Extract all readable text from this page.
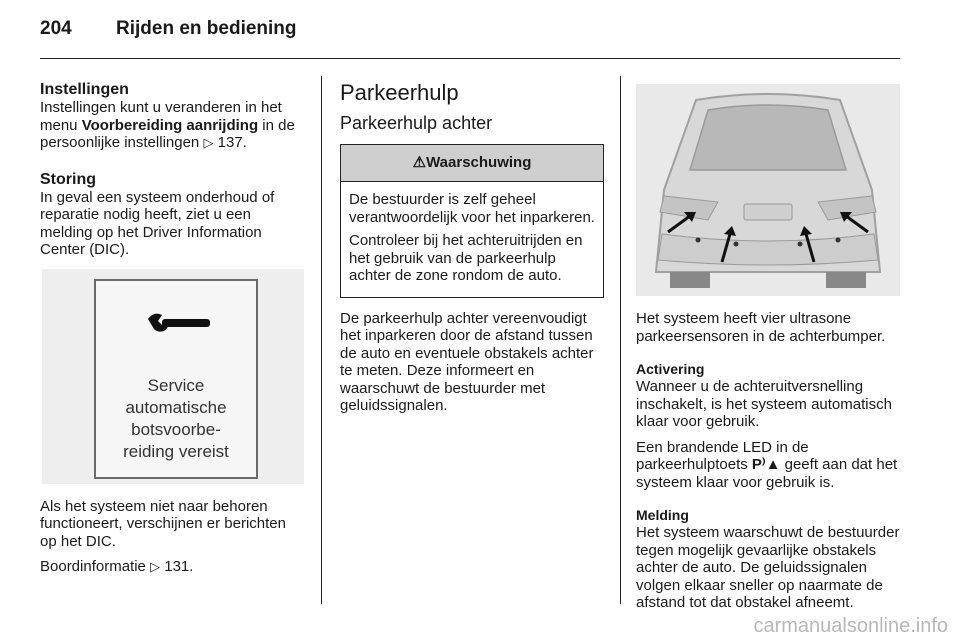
204 Rijden en bediening
Instellingen
Instellingen kunt u veranderen in het menu Voorbereiding aanrijding in de persoonlijke instellingen ▷ 137.
Storing
In geval een systeem onderhoud of reparatie nodig heeft, ziet u een melding op het Driver Information Center (DIC).
Service
automatische
botsvoorbe-
reiding vereist
Als het systeem niet naar behoren functioneert, verschijnen er berichten op het DIC.
Boordinformatie ▷ 131.
Parkeerhulp
Parkeerhulp achter
⚠Waarschuwing
De bestuurder is zelf geheel verantwoordelijk voor het inparkeren.
Controleer bij het achteruitrijden en het gebruik van de parkeerhulp achter de zone rondom de auto.
De parkeerhulp achter vereenvoudigt het inparkeren door de afstand tussen de auto en eventuele obstakels achter te meten. Deze informeert en waarschuwt de bestuurder met geluidssignalen.
Het systeem heeft vier ultrasone parkeersensoren in de achterbumper.
Activering
Wanneer u de achteruitversnelling inschakelt, is het systeem automatisch klaar voor gebruik.
Een brandende LED in de parkeerhulptoets P⁾▲ geeft aan dat het systeem klaar voor gebruik is.
Melding
Het systeem waarschuwt de bestuurder tegen mogelijk gevaarlijke obstakels achter de auto. De geluidssignalen volgen elkaar sneller op naarmate de afstand tot dat obstakel afneemt.
carmanualsonline.info
